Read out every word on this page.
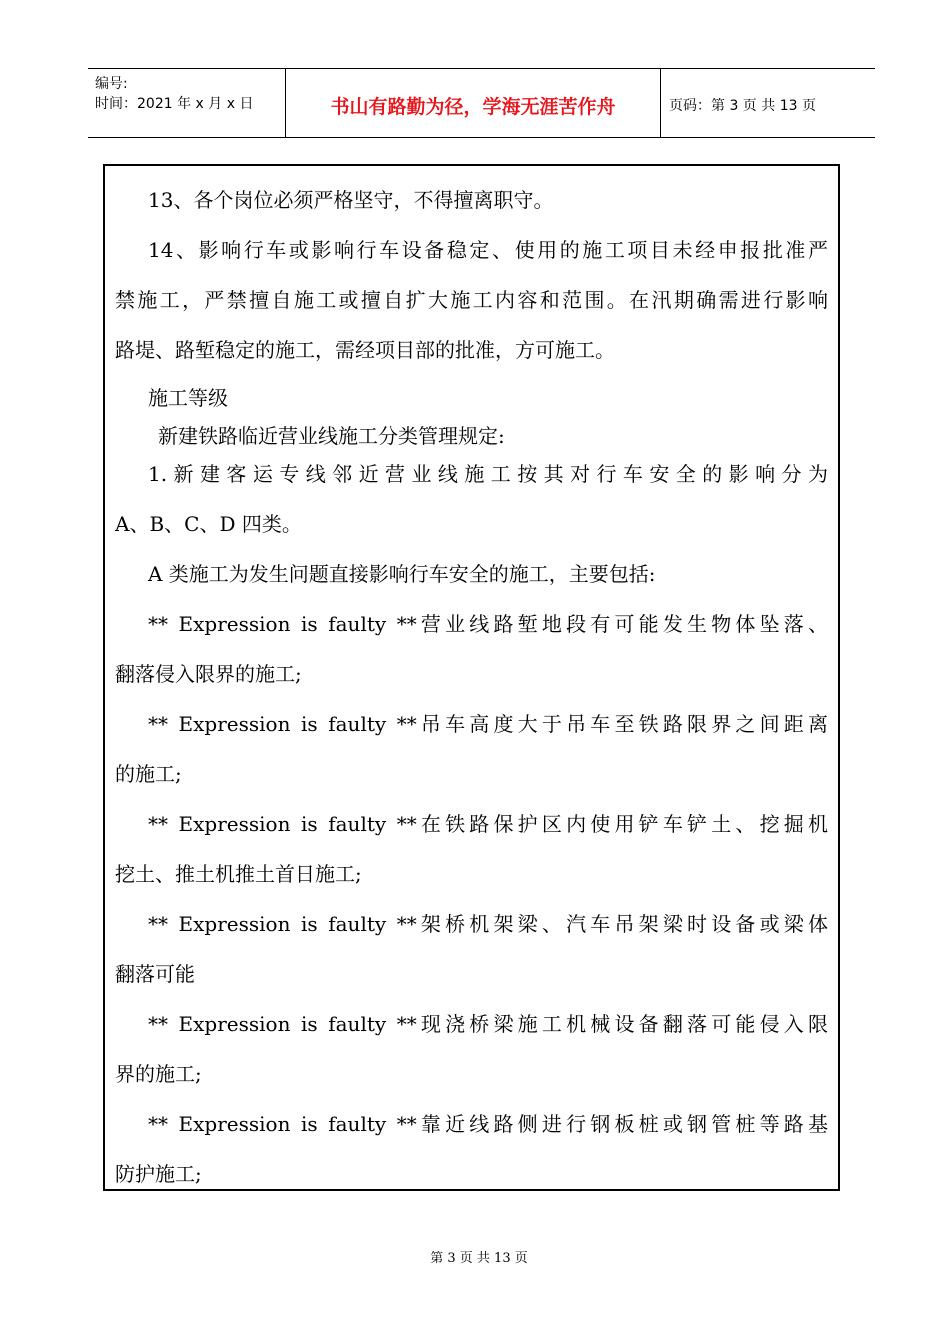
编号:
时间：2021 年 x 月 x 日	书山有路勤为径，学海无涯苦作舟	页码：第 3 页 共 13 页
13、各个岗位必须严格坚守，不得擅离职守。
14、影响行车或影响行车设备稳定、使用的施工项目未经申报批准严
禁施工，严禁擅自施工或擅自扩大施工内容和范围。在汛期确需进行影响
路堤、路堑稳定的施工，需经项目部的批准，方可施工。
施工等级
新建铁路临近营业线施工分类管理规定:
1.新建客运专线邻近营业线施工按其对行车安全的影响分为
A、B、C、D 四类。
A 类施工为发生问题直接影响行车安全的施工，主要包括:
** Expression is faulty **营业线路堑地段有可能发生物体坠落、
翻落侵入限界的施工;
** Expression is faulty **吊车高度大于吊车至铁路限界之间距离
的施工;
** Expression is faulty **在铁路保护区内使用铲车铲土、挖掘机
挖土、推土机推土首日施工;
** Expression is faulty **架桥机架梁、汽车吊架梁时设备或梁体
翻落可能
** Expression is faulty **现浇桥梁施工机械设备翻落可能侵入限
界的施工;
** Expression is faulty **靠近线路侧进行钢板桩或钢管桩等路基
防护施工;
第 3 页 共 13 页
